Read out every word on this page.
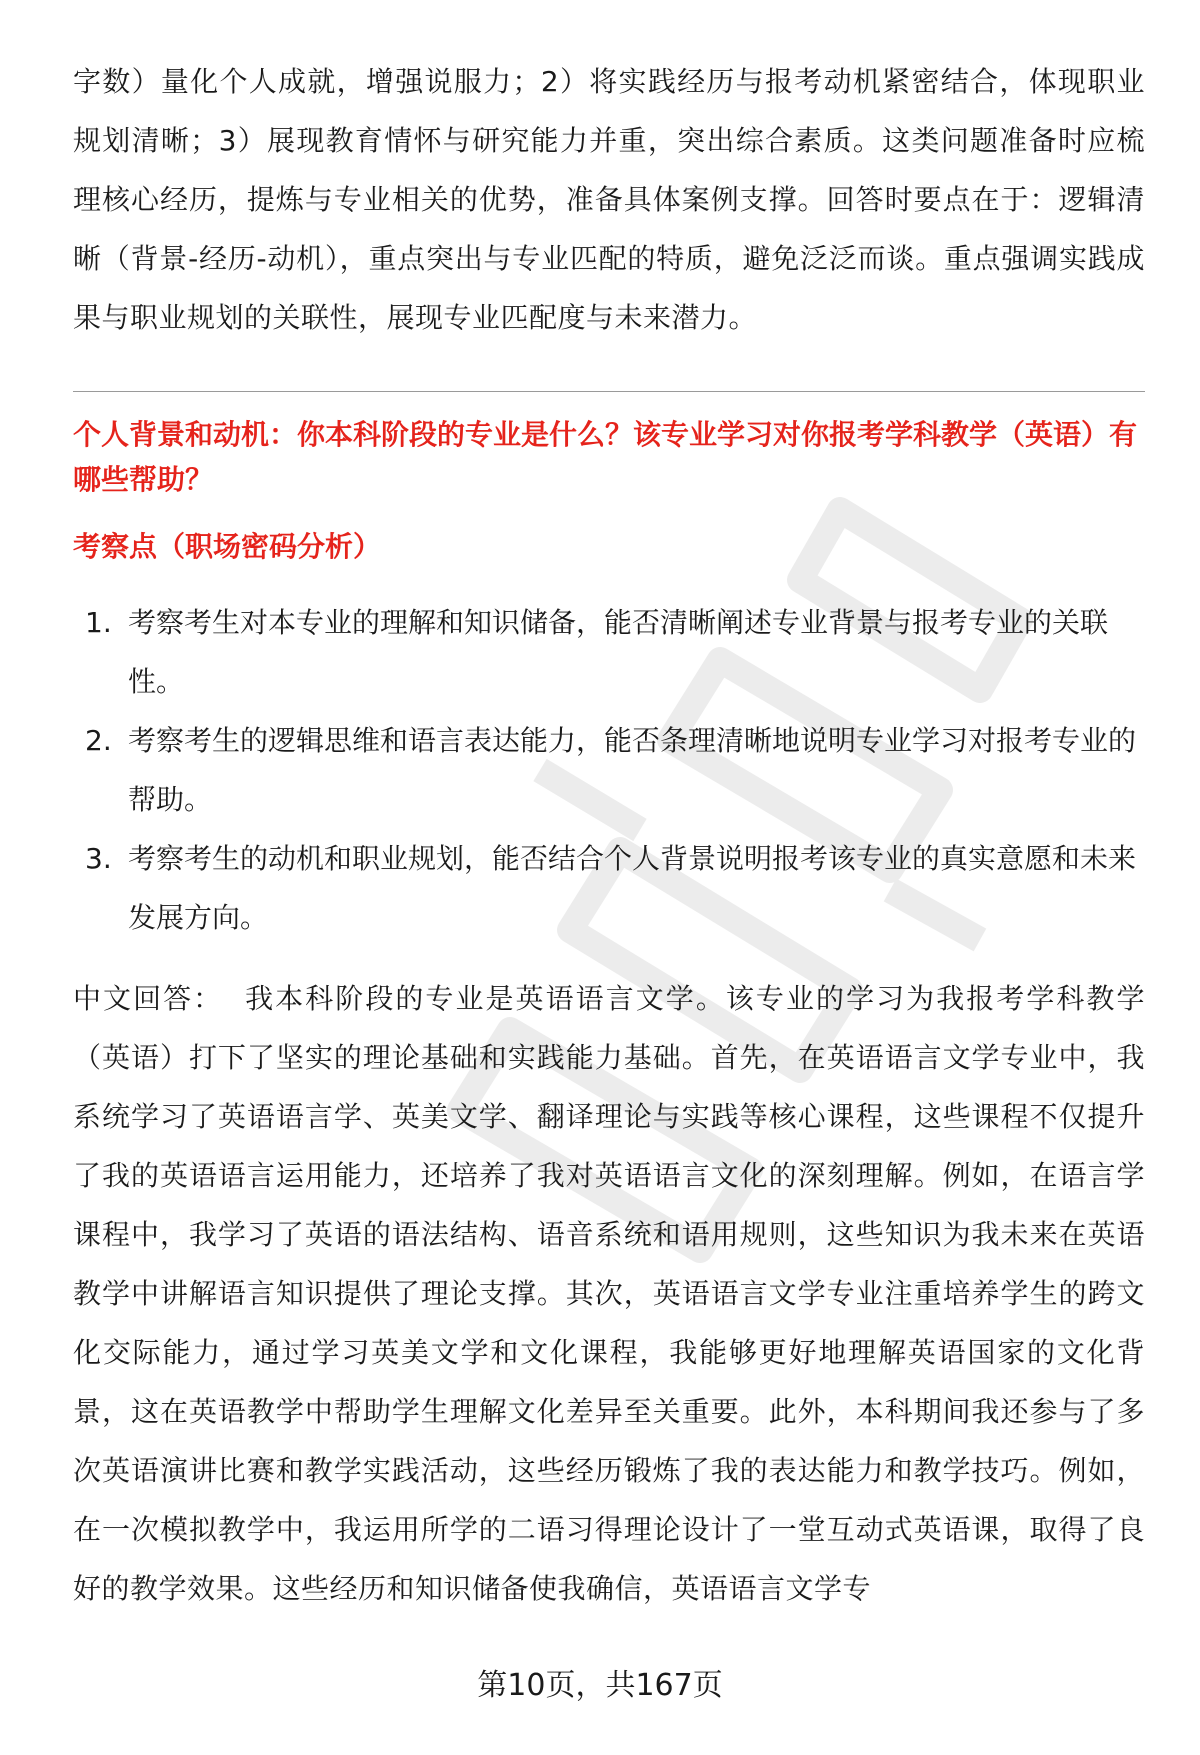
字数）量化个人成就，增强说服力；2）将实践经历与报考动机紧密结合，体现职业规划清晰；3）展现教育情怀与研究能力并重，突出综合素质。这类问题准备时应梳理核心经历，提炼与专业相关的优势，准备具体案例支撑。回答时要点在于：逻辑清晰（背景-经历-动机），重点突出与专业匹配的特质，避免泛泛而谈。重点强调实践成果与职业规划的关联性，展现专业匹配度与未来潜力。

个人背景和动机：你本科阶段的专业是什么？该专业学习对你报考学科教学（英语）有哪些帮助？

考察点（职场密码分析）

1. 考察考生对本专业的理解和知识储备，能否清晰阐述专业背景与报考专业的关联性。
2. 考察考生的逻辑思维和语言表达能力，能否条理清晰地说明专业学习对报考专业的帮助。
3. 考察考生的动机和职业规划，能否结合个人背景说明报考该专业的真实意愿和未来发展方向。

中文回答： 我本科阶段的专业是英语语言文学。该专业的学习为我报考学科教学（英语）打下了坚实的理论基础和实践能力基础。首先，在英语语言文学专业中，我系统学习了英语语言学、英美文学、翻译理论与实践等核心课程，这些课程不仅提升了我的英语语言运用能力，还培养了我对英语语言文化的深刻理解。例如，在语言学课程中，我学习了英语的语法结构、语音系统和语用规则，这些知识为我未来在英语教学中讲解语言知识提供了理论支撑。其次，英语语言文学专业注重培养学生的跨文化交际能力，通过学习英美文学和文化课程，我能够更好地理解英语国家的文化背景，这在英语教学中帮助学生理解文化差异至关重要。此外，本科期间我还参与了多次英语演讲比赛和教学实践活动，这些经历锻炼了我的表达能力和教学技巧。例如，在一次模拟教学中，我运用所学的二语习得理论设计了一堂互动式英语课，取得了良好的教学效果。这些经历和知识储备使我确信，英语语言文学专

第10页，共167页
